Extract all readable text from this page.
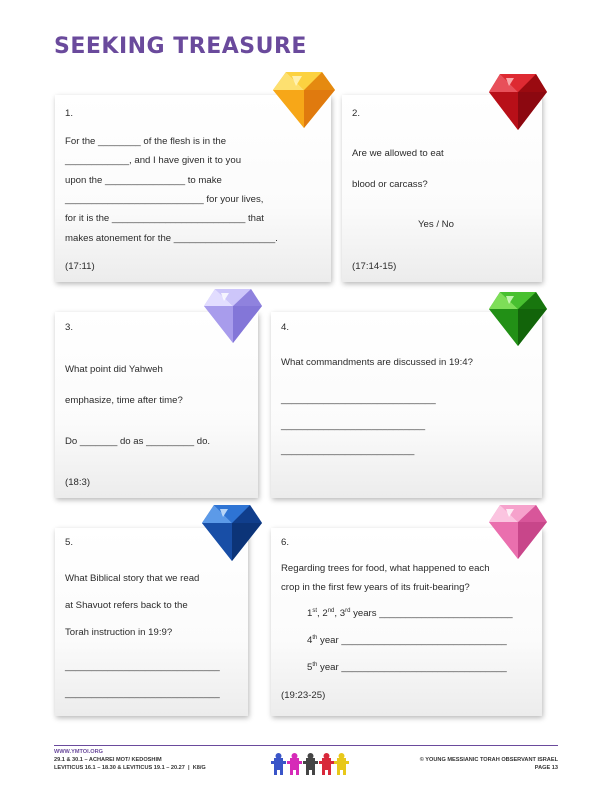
SEEKING TREASURE
1.
For the ________ of the flesh is in the
____________, and I have given it to you
upon the _______________ to make
__________________________ for your lives,
for it is the _________________________ that
makes atonement for the ___________________.
(17:11)
2.
Are we allowed to eat
blood or carcass?
Yes / No
(17:14-15)
3.
What point did Yahweh
emphasize, time after time?
Do _______ do as _________ do.
(18:3)
4.
What commandments are discussed in 19:4?
_____________________________
___________________________
_________________________
5.
What Biblical story that we read
at Shavuot refers back to the
Torah instruction in 19:9?
_____________________________
_____________________________
6.
Regarding trees for food, what happened to each
crop in the first few years of its fruit-bearing?
1st, 2nd, 3rd years _________________________
4th year _______________________________
5th year _______________________________
(19:23-25)
WWW.YMTOI.ORG
29.1 & 30.1 – ACHAREI MOT/ KEDOSHIM
LEVITICUS 16.1 – 18.30 & LEVITICUS 19.1 – 20.27  |  K8/G
© YOUNG MESSIANIC TORAH OBSERVANT ISRAEL
PAGE 13
